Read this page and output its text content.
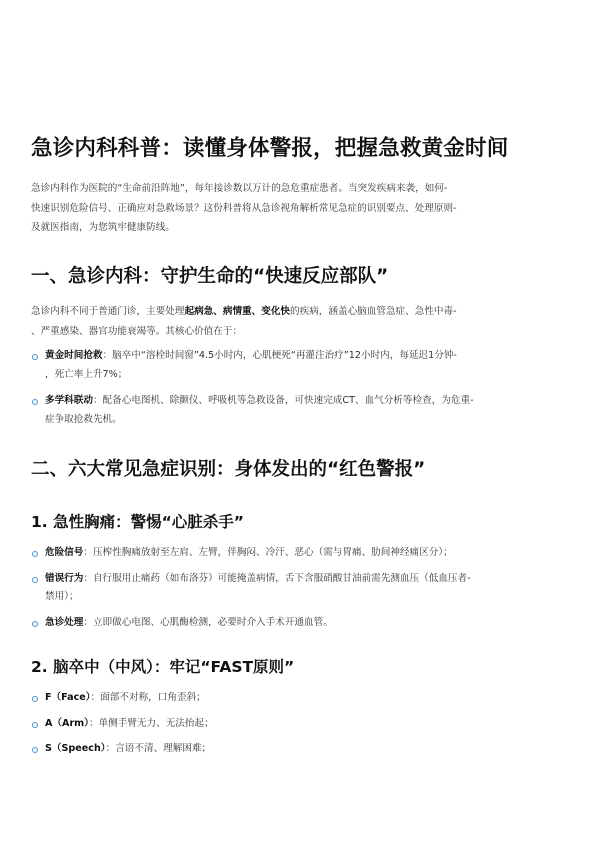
急诊内科科普：读懂身体警报，把握急救黄金时间

急诊内科作为医院的“生命前沿阵地”，每年接诊数以万计的急危重症患者。当突发疾病来袭，如何-
快速识别危险信号、正确应对急救场景？这份科普将从急诊视角解析常见急症的识别要点、处理原则-
及就医指南，为您筑牢健康防线。

一、急诊内科：守护生命的“快速反应部队”

急诊内科不同于普通门诊，主要处理起病急、病情重、变化快的疾病，涵盖心脑血管急症、急性中毒-
、严重感染、器官功能衰竭等。其核心价值在于：

黄金时间抢救：脑卒中“溶栓时间窗”4.5小时内，心肌梗死“再灌注治疗”12小时内，每延迟1分钟-
，死亡率上升7%；
多学科联动：配备心电图机、除颤仪、呼吸机等急救设备，可快速完成CT、血气分析等检查，为危重-
症争取抢救先机。
二、六大常见急症识别：身体发出的“红色警报”
1. 急性胸痛：警惕“心脏杀手”
危险信号：压榨性胸痛放射至左肩、左臂，伴胸闷、冷汗、恶心（需与胃痛、肋间神经痛区分）；
错误行为：自行服用止痛药（如布洛芬）可能掩盖病情，舌下含服硝酸甘油前需先测血压（低血压者-
禁用）；
急诊处理：立即做心电图、心肌酶检测，必要时介入手术开通血管。
2. 脑卒中（中风）：牢记“FAST原则”
F（Face）：面部不对称，口角歪斜；
A（Arm）：单侧手臂无力、无法抬起；
S（Speech）：言语不清、理解困难；
